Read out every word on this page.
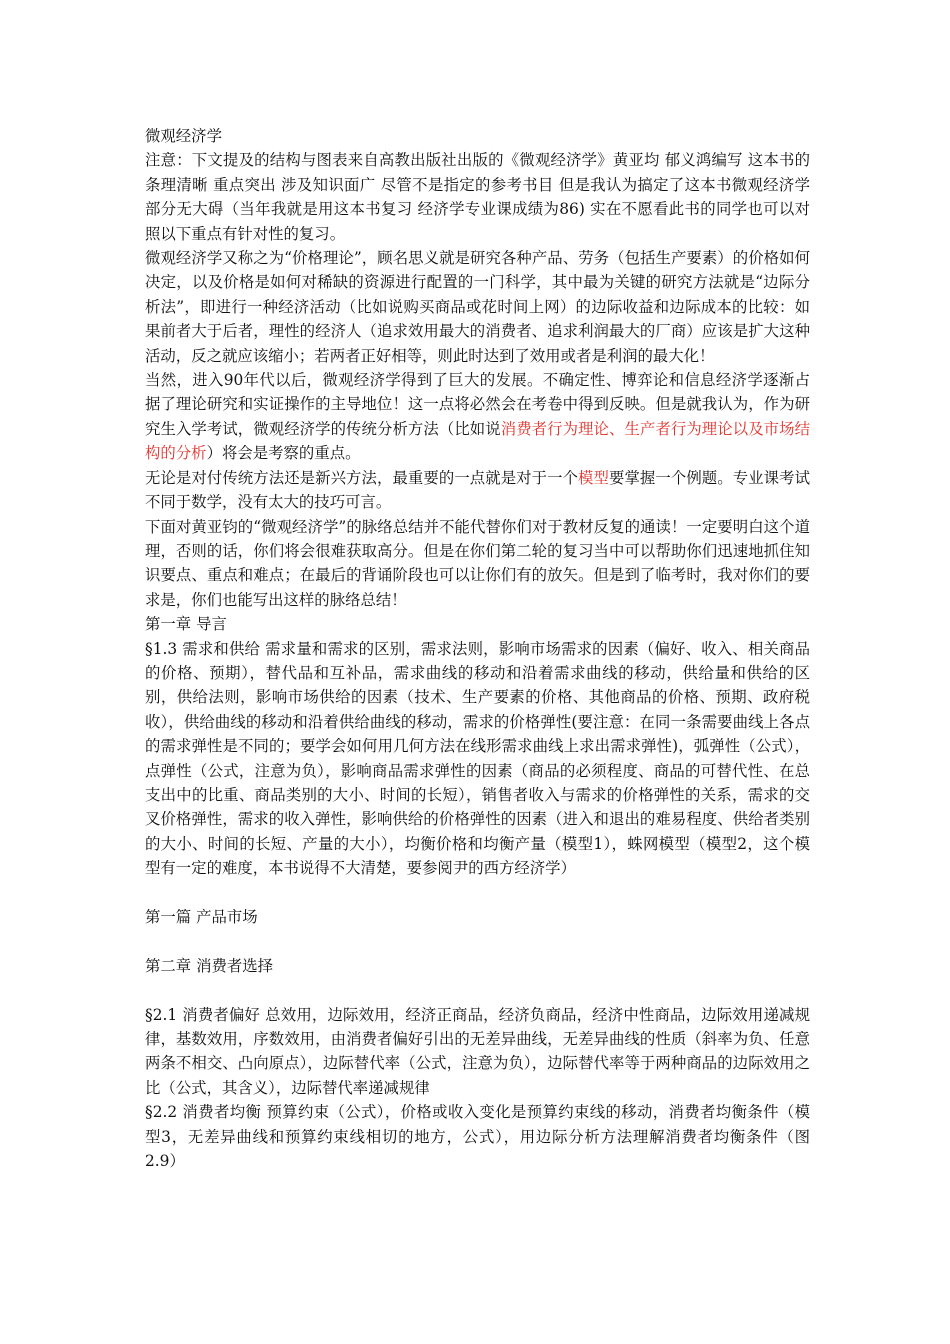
微观经济学

注意：下文提及的结构与图表来自高教出版社出版的《微观经济学》黄亚均 郁义鸿编写 这本书的条理清晰 重点突出 涉及知识面广 尽管不是指定的参考书目 但是我认为搞定了这本书微观经济学部分无大碍（当年我就是用这本书复习 经济学专业课成绩为86) 实在不愿看此书的同学也可以对照以下重点有针对性的复习。

微观经济学又称之为“价格理论”，顾名思义就是研究各种产品、劳务（包括生产要素）的价格如何决定，以及价格是如何对稀缺的资源进行配置的一门科学，其中最为关键的研究方法就是“边际分析法”，即进行一种经济活动（比如说购买商品或花时间上网）的边际收益和边际成本的比较：如果前者大于后者，理性的经济人（追求效用最大的消费者、追求利润最大的厂商）应该是扩大这种活动，反之就应该缩小；若两者正好相等，则此时达到了效用或者是利润的最大化！

当然，进入90年代以后，微观经济学得到了巨大的发展。不确定性、博弈论和信息经济学逐渐占据了理论研究和实证操作的主导地位！这一点将必然会在考卷中得到反映。但是就我认为，作为研究生入学考试，微观经济学的传统分析方法（比如说消费者行为理论、生产者行为理论以及市场结构的分析）将会是考察的重点。

无论是对付传统方法还是新兴方法，最重要的一点就是对于一个模型要掌握一个例题。专业课考试不同于数学，没有太大的技巧可言。

下面对黄亚钧的“微观经济学”的脉络总结并不能代替你们对于教材反复的通读！一定要明白这个道理，否则的话，你们将会很难获取高分。但是在你们第二轮的复习当中可以帮助你们迅速地抓住知识要点、重点和难点；在最后的背诵阶段也可以让你们有的放矢。但是到了临考时，我对你们的要求是，你们也能写出这样的脉络总结！

第一章 导言

§1.3 需求和供给 需求量和需求的区别，需求法则，影响市场需求的因素（偏好、收入、相关商品的价格、预期），替代品和互补品，需求曲线的移动和沿着需求曲线的移动，供给量和供给的区别，供给法则，影响市场供给的因素（技术、生产要素的价格、其他商品的价格、预期、政府税收），供给曲线的移动和沿着供给曲线的移动，需求的价格弹性(要注意：在同一条需要曲线上各点的需求弹性是不同的；要学会如何用几何方法在线形需求曲线上求出需求弹性)，弧弹性（公式），点弹性（公式，注意为负），影响商品需求弹性的因素（商品的必须程度、商品的可替代性、在总支出中的比重、商品类别的大小、时间的长短），销售者收入与需求的价格弹性的关系，需求的交叉价格弹性，需求的收入弹性，影响供给的价格弹性的因素（进入和退出的难易程度、供给者类别的大小、时间的长短、产量的大小），均衡价格和均衡产量（模型1），蛛网模型（模型2，这个模型有一定的难度，本书说得不大清楚，要参阅尹的西方经济学）

第一篇 产品市场

第二章 消费者选择

§2.1 消费者偏好 总效用，边际效用，经济正商品，经济负商品，经济中性商品，边际效用递减规律，基数效用，序数效用，由消费者偏好引出的无差异曲线，无差异曲线的性质（斜率为负、任意两条不相交、凸向原点），边际替代率（公式，注意为负），边际替代率等于两种商品的边际效用之比（公式，其含义），边际替代率递减规律

§2.2 消费者均衡 预算约束（公式），价格或收入变化是预算约束线的移动，消费者均衡条件（模型3，无差异曲线和预算约束线相切的地方，公式），用边际分析方法理解消费者均衡条件（图2.9）
